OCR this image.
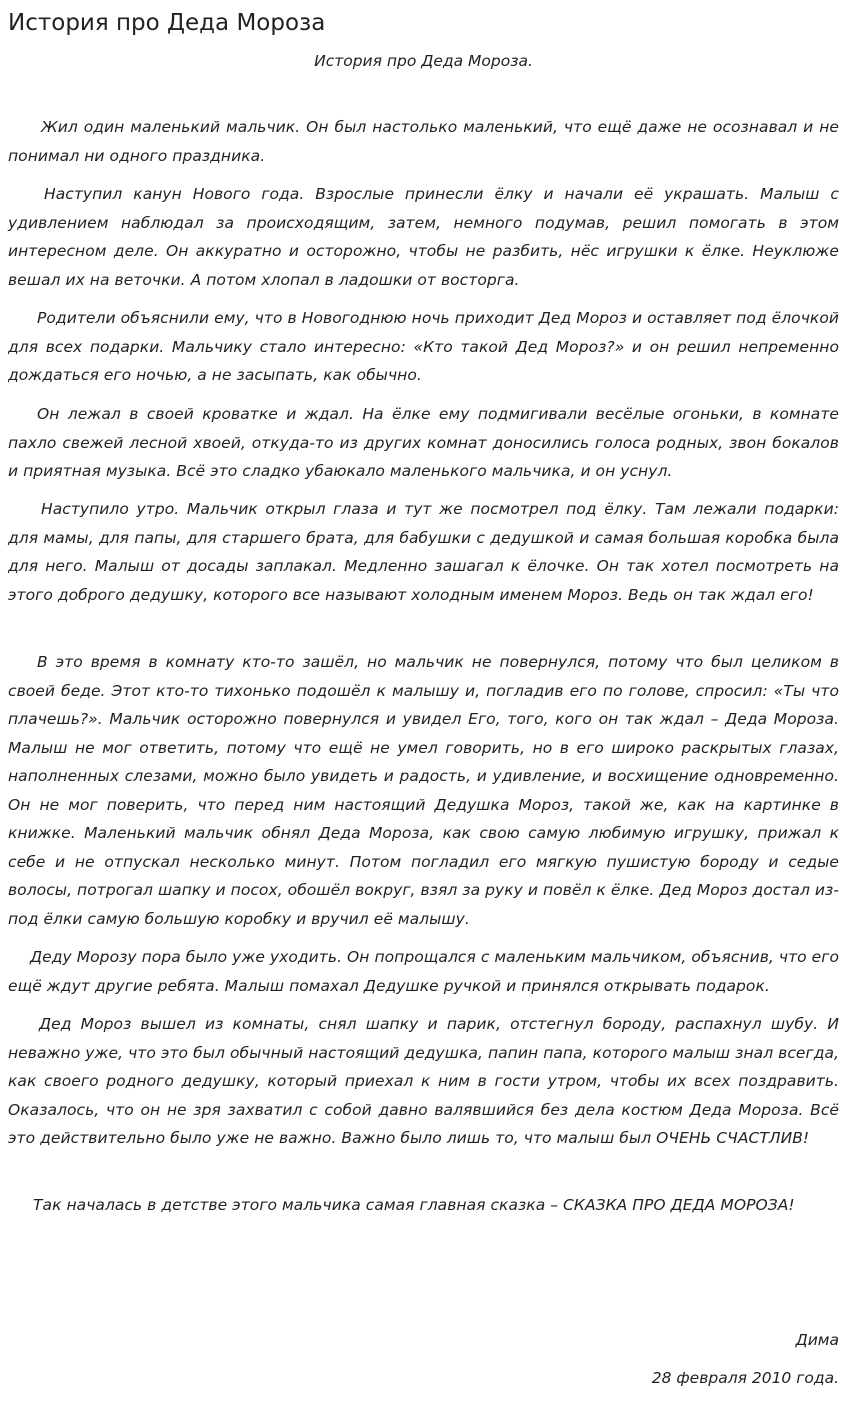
История про Деда Мороза

История про Деда Мороза.

Жил один маленький мальчик. Он был настолько маленький, что ещё даже не осознавал и не понимал ни одного праздника.

Наступил канун Нового года. Взрослые принесли ёлку и начали её украшать. Малыш с удивлением наблюдал за происходящим, затем, немного подумав, решил помогать в этом интересном деле. Он аккуратно и осторожно, чтобы не разбить, нёс игрушки к ёлке. Неуклюже вешал их на веточки. А потом хлопал в ладошки от восторга.

Родители объяснили ему, что в Новогоднюю ночь приходит Дед Мороз и оставляет под ёлочкой для всех подарки. Мальчику стало интересно: «Кто такой Дед Мороз?» и он решил непременно дождаться его ночью, а не засыпать, как обычно.

Он лежал в своей кроватке и ждал. На ёлке ему подмигивали весёлые огоньки, в комнате пахло свежей лесной хвоей, откуда-то из других комнат доносились голоса родных, звон бокалов и приятная музыка. Всё это сладко убаюкало маленького мальчика, и он уснул.

Наступило утро. Мальчик открыл глаза и тут же посмотрел под ёлку. Там лежали подарки: для мамы, для папы, для старшего брата, для бабушки с дедушкой и самая большая коробка была для него. Малыш от досады заплакал. Медленно зашагал к ёлочке. Он так хотел посмотреть на этого доброго дедушку, которого все называют холодным именем Мороз. Ведь он так ждал его!

В это время в комнату кто-то зашёл, но мальчик не повернулся, потому что был целиком в своей беде. Этот кто-то тихонько подошёл к малышу и, погладив его по голове, спросил: «Ты что плачешь?». Мальчик осторожно повернулся и увидел Его, того, кого он так ждал – Деда Мороза. Малыш не мог ответить, потому что ещё не умел говорить, но в его широко раскрытых глазах, наполненных слезами, можно было увидеть и радость, и удивление, и восхищение одновременно. Он не мог поверить, что перед ним настоящий Дедушка Мороз, такой же, как на картинке в книжке. Маленький мальчик обнял Деда Мороза, как свою самую любимую игрушку, прижал к себе и не отпускал несколько минут. Потом погладил его мягкую пушистую бороду и седые волосы, потрогал шапку и посох, обошёл вокруг, взял за руку и повёл к ёлке. Дед Мороз достал из-под ёлки самую большую коробку и вручил её малышу.

Деду Морозу пора было уже уходить. Он попрощался с маленьким мальчиком, объяснив, что его ещё ждут другие ребята. Малыш помахал Дедушке ручкой и принялся открывать подарок.

Дед Мороз вышел из комнаты, снял шапку и парик, отстегнул бороду, распахнул шубу. И неважно уже, что это был обычный настоящий дедушка, папин папа, которого малыш знал всегда, как своего родного дедушку, который приехал к ним в гости утром, чтобы их всех поздравить. Оказалось, что он не зря захватил с собой давно валявшийся без дела костюм Деда Мороза. Всё это действительно было уже не важно. Важно было лишь то, что малыш был ОЧЕНЬ СЧАСТЛИВ!

Так началась в детстве этого мальчика самая главная сказка – СКАЗКА ПРО ДЕДА МОРОЗА!

Дима

28 февраля 2010 года.
